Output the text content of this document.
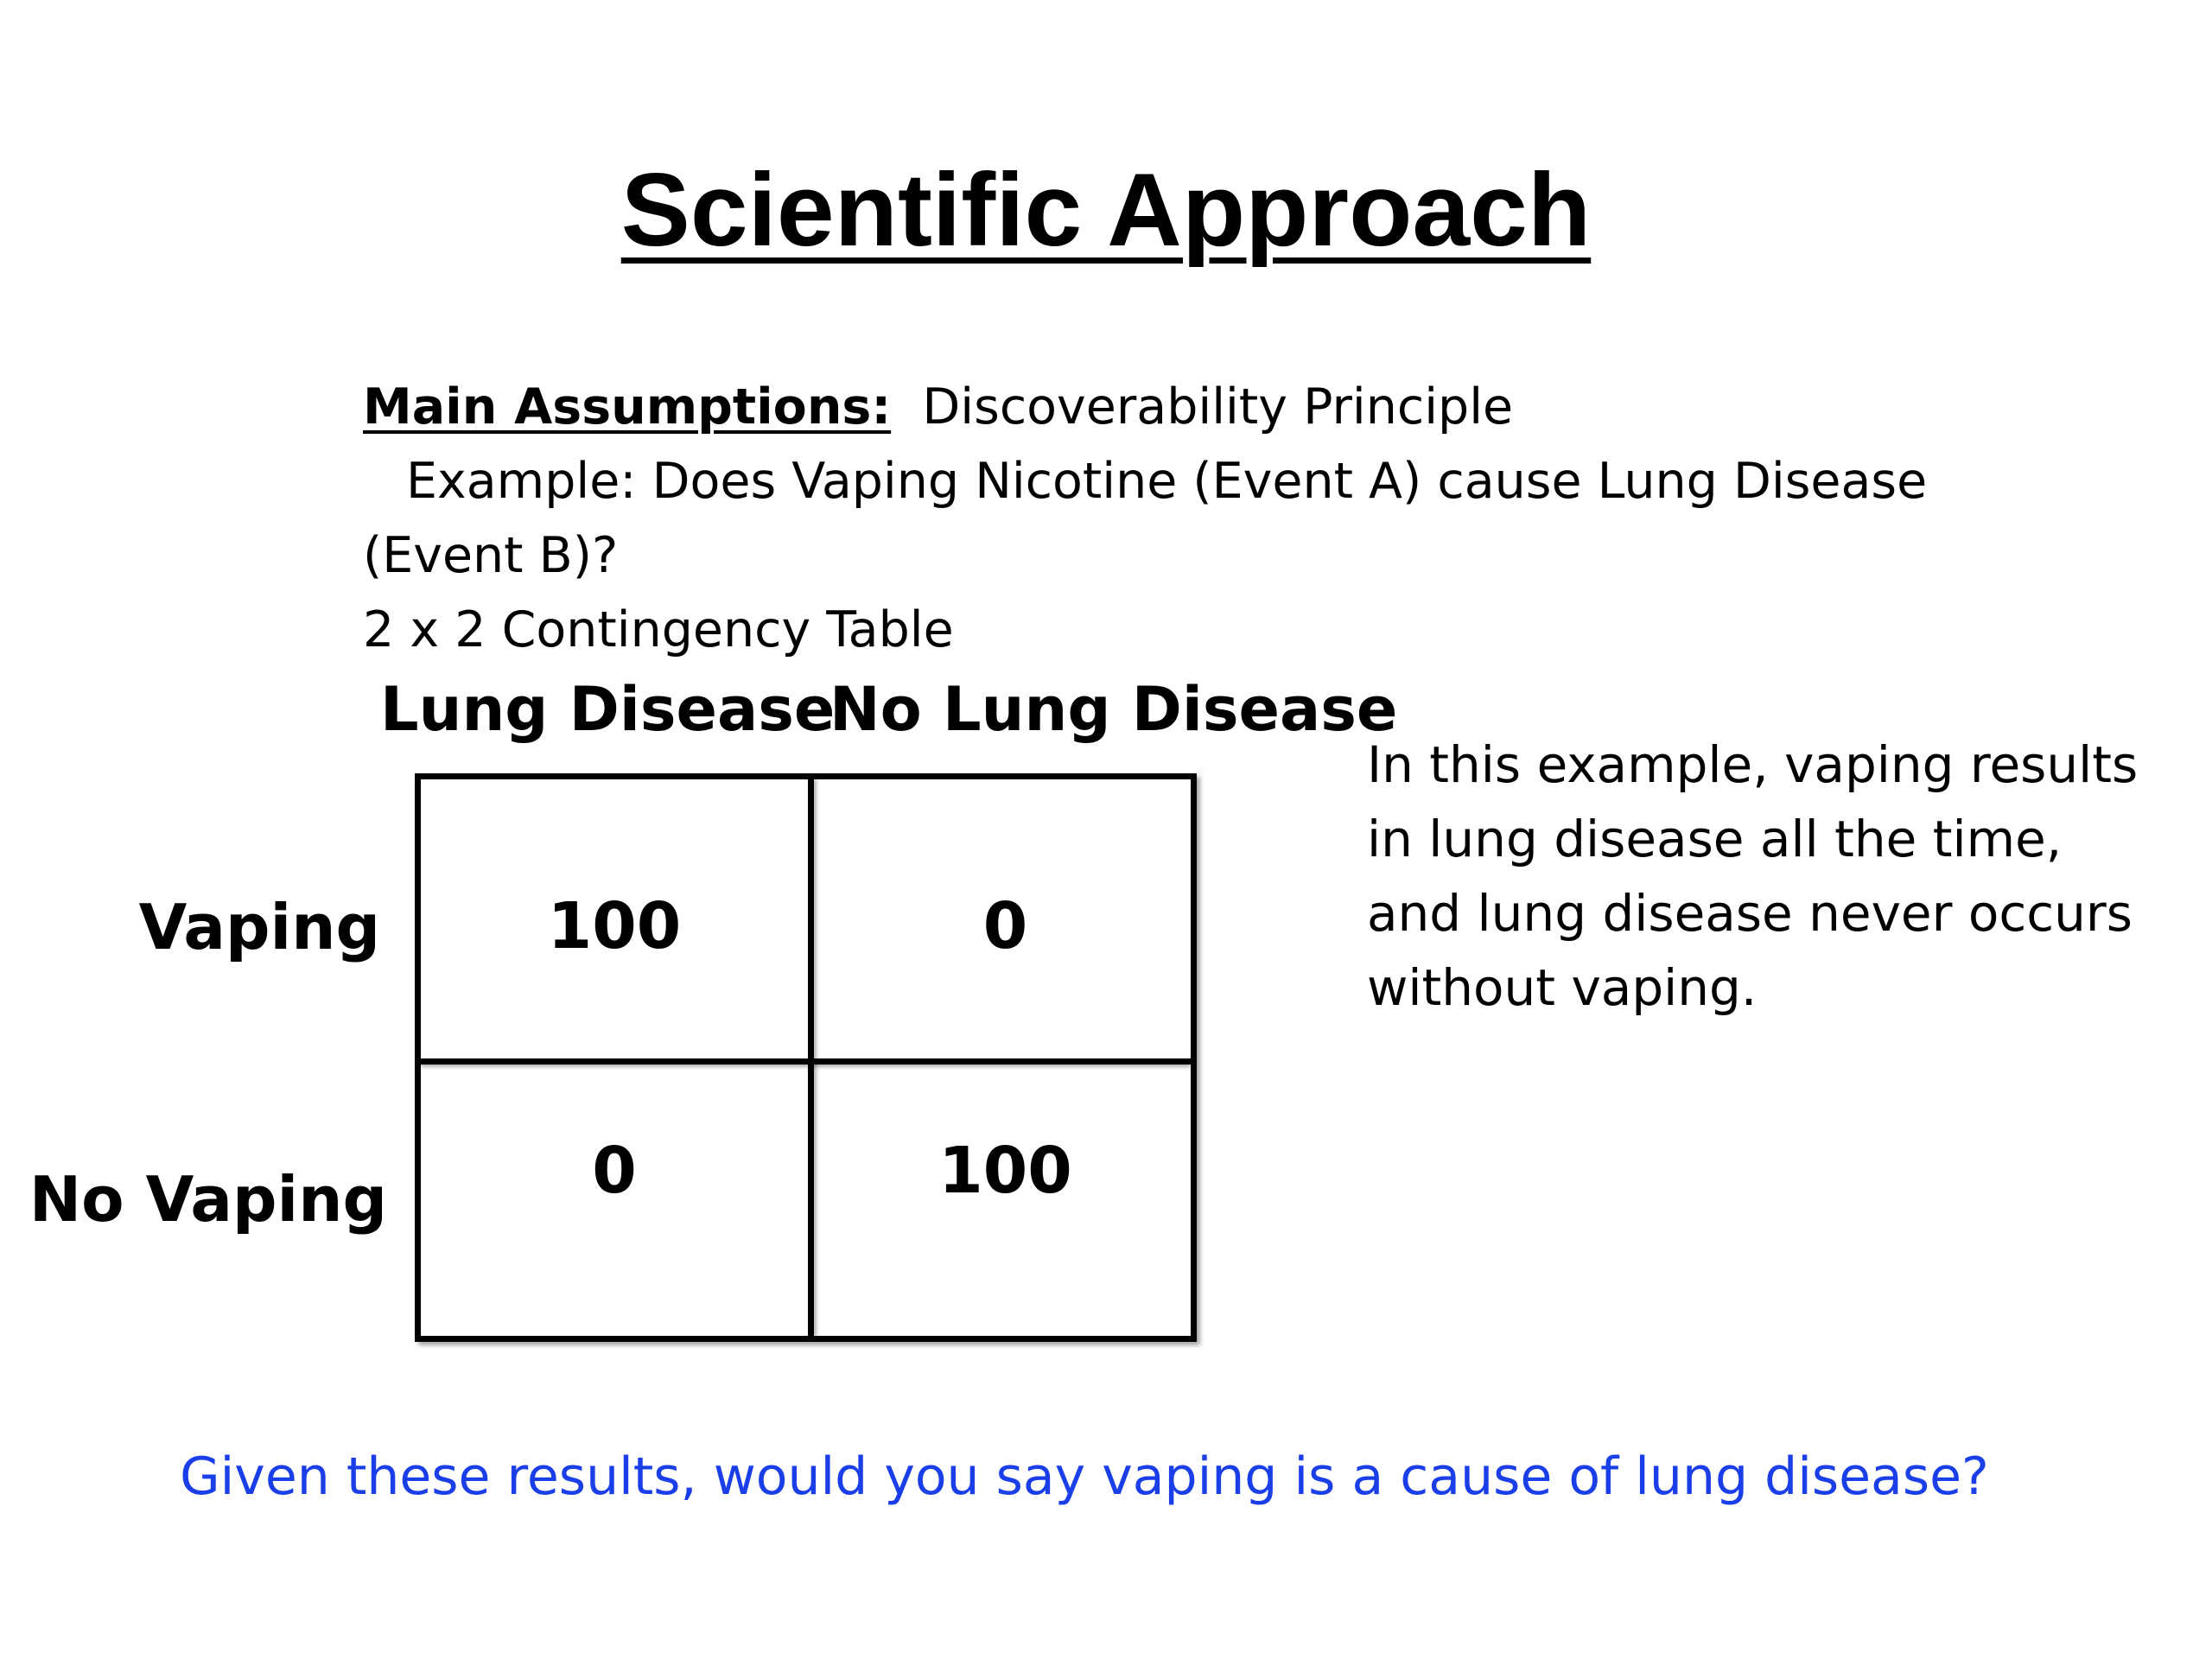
Scientific Approach
Main Assumptions: Discoverability Principle
Example: Does Vaping Nicotine (Event A) cause Lung Disease
(Event B)?
2 x 2 Contingency Table
Lung Disease
No Lung Disease
Vaping
No Vaping
100	0
0	100
In this example, vaping results
in lung disease all the time,
and lung disease never occurs
without vaping.
Given these results, would you say vaping is a cause of lung disease?
